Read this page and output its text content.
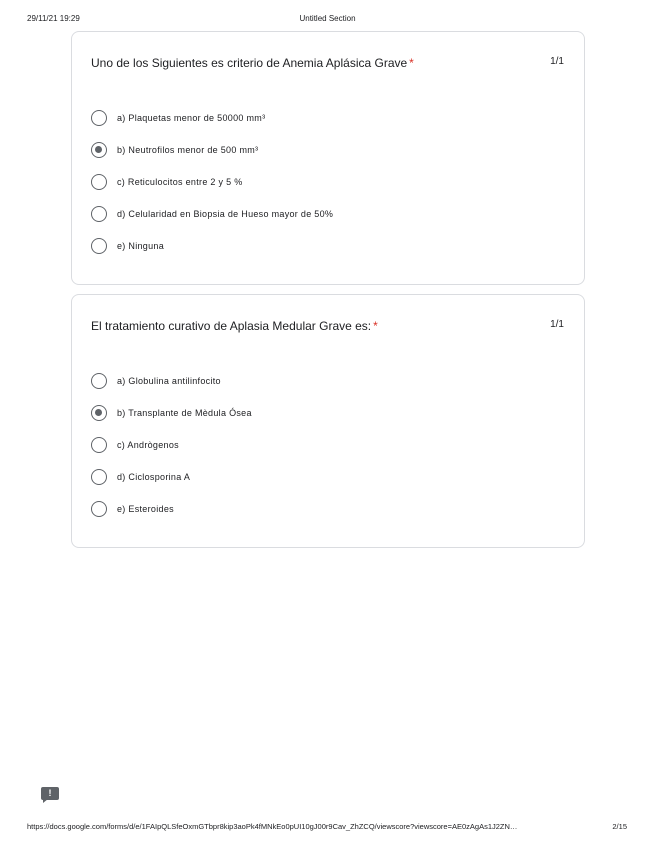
29/11/21 19:29	Untitled Section
Uno de los Siguientes es criterio de Anemia Aplásica Grave *	1/1
a) Plaquetas menor de 50000 mm³
b) Neutrofilos menor de 500 mm³
c) Reticulocitos entre 2 y 5 %
d) Celularidad en Biopsia de Hueso mayor de 50%
e) Ninguna
El tratamiento curativo de Aplasia Medular Grave es: *	1/1
a) Globulina antilinfocito
b) Transplante de Mèdula Ósea
c) Andrògenos
d) Ciclosporina A
e) Esteroides
!
https://docs.google.com/forms/d/e/1FAIpQLSfeOxmGTbpr8kip3aoPk4fMNkEo0pUI10gJ00r9Cav_ZhZCQ/viewscore?viewscore=AE0zAgAs1J2ZN…	2/15
